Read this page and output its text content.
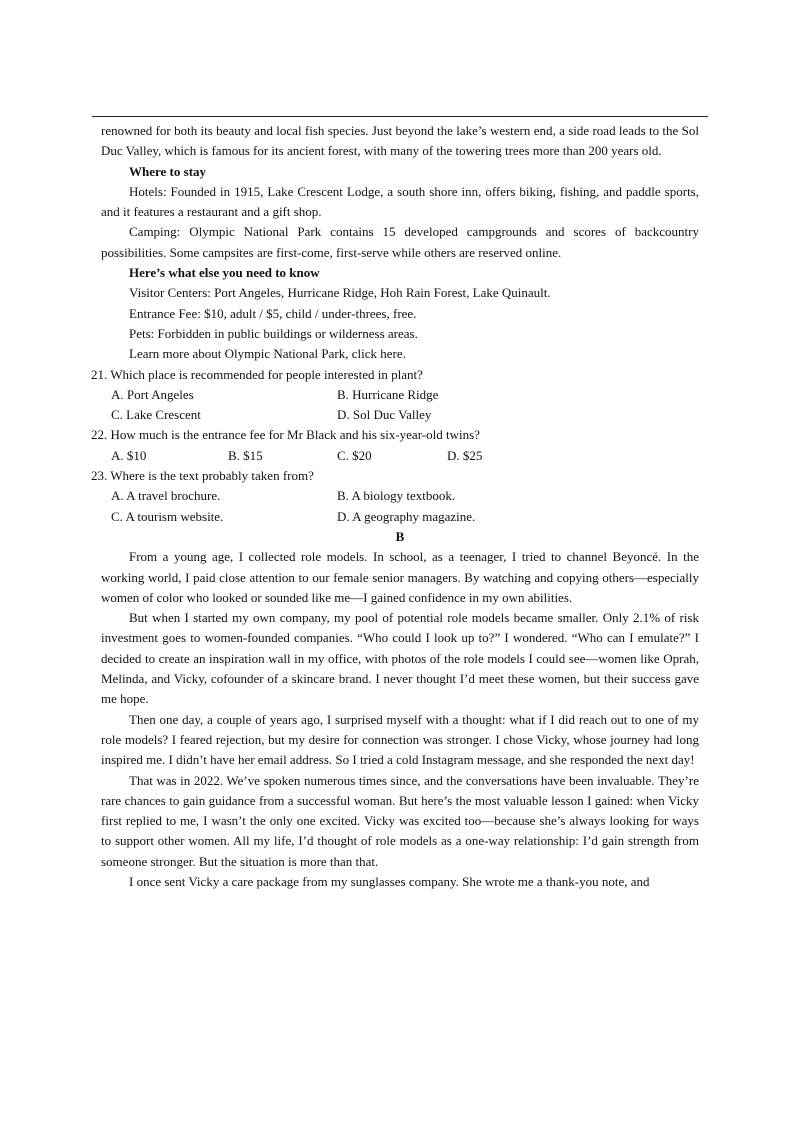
renowned for both its beauty and local fish species. Just beyond the lake’s western end, a side road leads to the Sol Duc Valley, which is famous for its ancient forest, with many of the towering trees more than 200 years old.

Where to stay

Hotels: Founded in 1915, Lake Crescent Lodge, a south shore inn, offers biking, fishing, and paddle sports, and it features a restaurant and a gift shop.

Camping: Olympic National Park contains 15 developed campgrounds and scores of backcountry possibilities. Some campsites are first-come, first-serve while others are reserved online.

Here’s what else you need to know
Visitor Centers: Port Angeles, Hurricane Ridge, Hoh Rain Forest, Lake Quinault.
Entrance Fee: $10, adult / $5, child / under-threes, free.
Pets: Forbidden in public buildings or wilderness areas.
Learn more about Olympic National Park, click here.
21. Which place is recommended for people interested in plant?
A. Port Angeles	B. Hurricane Ridge
C. Lake Crescent	D. Sol Duc Valley
22. How much is the entrance fee for Mr Black and his six-year-old twins?
A. $10	B. $15	C. $20	D. $25
23. Where is the text probably taken from?
A. A travel brochure.	B. A biology textbook.
C. A tourism website.	D. A geography magazine.
B

From a young age, I collected role models. In school, as a teenager, I tried to channel Beyoncé. In the working world, I paid close attention to our female senior managers. By watching and copying others—especially women of color who looked or sounded like me—I gained confidence in my own abilities.

But when I started my own company, my pool of potential role models became smaller. Only 2.1% of risk investment goes to women-founded companies. “Who could I look up to?” I wondered. “Who can I emulate?” I decided to create an inspiration wall in my office, with photos of the role models I could see—women like Oprah, Melinda, and Vicky, cofounder of a skincare brand. I never thought I’d meet these women, but their success gave me hope.

Then one day, a couple of years ago, I surprised myself with a thought: what if I did reach out to one of my role models? I feared rejection, but my desire for connection was stronger. I chose Vicky, whose journey had long inspired me. I didn’t have her email address. So I tried a cold Instagram message, and she responded the next day!

That was in 2022. We’ve spoken numerous times since, and the conversations have been invaluable. They’re rare chances to gain guidance from a successful woman. But here’s the most valuable lesson I gained: when Vicky first replied to me, I wasn’t the only one excited. Vicky was excited too—because she’s always looking for ways to support other women. All my life, I’d thought of role models as a one-way relationship: I’d gain strength from someone stronger. But the situation is more than that.

I once sent Vicky a care package from my sunglasses company. She wrote me a thank-you note, and
